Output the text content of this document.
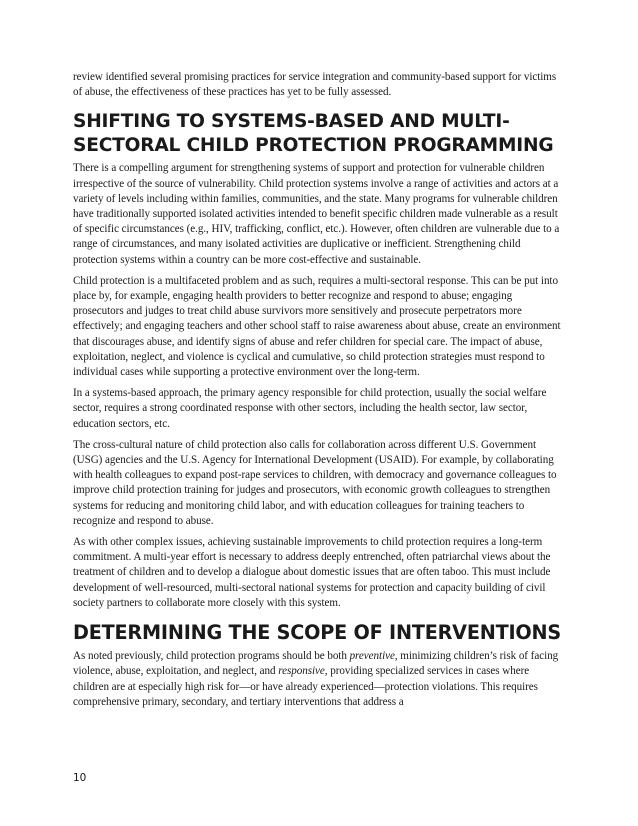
review identified several promising practices for service integration and community-based support for victims of abuse, the effectiveness of these practices has yet to be fully assessed.

SHIFTING TO SYSTEMS-BASED AND MULTI-SECTORAL CHILD PROTECTION PROGRAMMING

There is a compelling argument for strengthening systems of support and protection for vulnerable children irrespective of the source of vulnerability. Child protection systems involve a range of activities and actors at a variety of levels including within families, communities, and the state. Many programs for vulnerable children have traditionally supported isolated activities intended to benefit specific children made vulnerable as a result of specific circumstances (e.g., HIV, trafficking, conflict, etc.). However, often children are vulnerable due to a range of circumstances, and many isolated activities are duplicative or inefficient. Strengthening child protection systems within a country can be more cost-effective and sustainable.

Child protection is a multifaceted problem and as such, requires a multi-sectoral response. This can be put into place by, for example, engaging health providers to better recognize and respond to abuse; engaging prosecutors and judges to treat child abuse survivors more sensitively and prosecute perpetrators more effectively; and engaging teachers and other school staff to raise awareness about abuse, create an environment that discourages abuse, and identify signs of abuse and refer children for special care. The impact of abuse, exploitation, neglect, and violence is cyclical and cumulative, so child protection strategies must respond to individual cases while supporting a protective environment over the long-term.

In a systems-based approach, the primary agency responsible for child protection, usually the social welfare sector, requires a strong coordinated response with other sectors, including the health sector, law sector, education sectors, etc.

The cross-cultural nature of child protection also calls for collaboration across different U.S. Government (USG) agencies and the U.S. Agency for International Development (USAID). For example, by collaborating with health colleagues to expand post-rape services to children, with democracy and governance colleagues to improve child protection training for judges and prosecutors, with economic growth colleagues to strengthen systems for reducing and monitoring child labor, and with education colleagues for training teachers to recognize and respond to abuse.

As with other complex issues, achieving sustainable improvements to child protection requires a long-term commitment. A multi-year effort is necessary to address deeply entrenched, often patriarchal views about the treatment of children and to develop a dialogue about domestic issues that are often taboo. This must include development of well-resourced, multi-sectoral national systems for protection and capacity building of civil society partners to collaborate more closely with this system.

DETERMINING THE SCOPE OF INTERVENTIONS

As noted previously, child protection programs should be both preventive, minimizing children’s risk of facing violence, abuse, exploitation, and neglect, and responsive, providing specialized services in cases where children are at especially high risk for—or have already experienced—protection violations. This requires comprehensive primary, secondary, and tertiary interventions that address a

10
